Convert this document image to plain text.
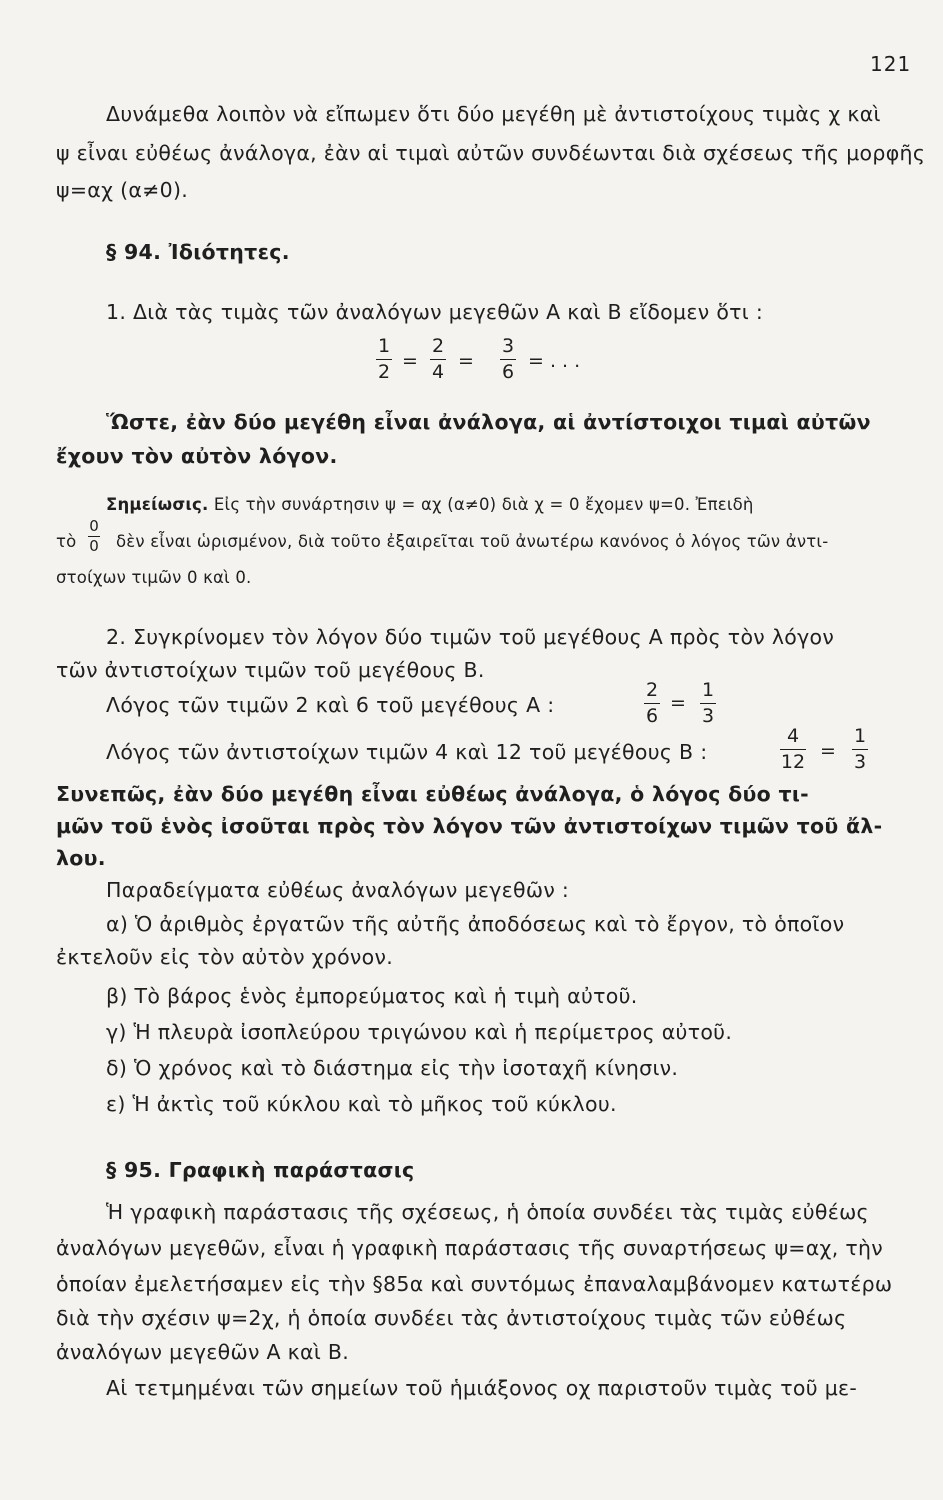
121
Δυνάμεθα λοιπὸν νὰ εἴπωμεν ὅτι δύο μεγέθη μὲ ἀντιστοίχους τιμὰς χ καὶ
ψ εἶναι εὐθέως ἀνάλογα, ἐὰν αἱ τιμαὶ αὐτῶν συνδέωνται διὰ σχέσεως τῆς μορφῆς
ψ=αχ (α≠0).
§ 94. Ἰδιότητες.
1. Διὰ τὰς τιμὰς τῶν ἀναλόγων μεγεθῶν Α καὶ Β εἴδομεν ὅτι :
1
2 =
2
4 =
3
6 = . . .
Ὥστε, ἐὰν δύο μεγέθη εἶναι ἀνάλογα, αἱ ἀντίστοιχοι τιμαὶ αὐτῶν
ἔχουν τὸν αὐτὸν λόγον.
Σημείωσις. Εἰς τὴν συνάρτησιν ψ = αχ (α≠0) διὰ χ = 0 ἔχομεν ψ=0. Ἐπειδὴ
τὸ
0
0 δὲν εἶναι ὡρισμένον, διὰ τοῦτο ἐξαιρεῖται τοῦ ἀνωτέρω κανόνος ὁ λόγος τῶν ἀντι-
στοίχων τιμῶν 0 καὶ 0.
2. Συγκρίνομεν τὸν λόγον δύο τιμῶν τοῦ μεγέθους Α πρὸς τὸν λόγον
τῶν ἀντιστοίχων τιμῶν τοῦ μεγέθους Β.
Λόγος τῶν τιμῶν 2 καὶ 6 τοῦ μεγέθους Α :
2
6
=
1
3
Λόγος τῶν ἀντιστοίχων τιμῶν 4 καὶ 12 τοῦ μεγέθους Β :
4
12 =
1
3
Συνεπῶς, ἐὰν δύο μεγέθη εἶναι εὐθέως ἀνάλογα, ὁ λόγος δύο τι-
μῶν τοῦ ἑνὸς ἰσοῦται πρὸς τὸν λόγον τῶν ἀντιστοίχων τιμῶν τοῦ ἄλ-
λου.
Παραδείγματα εὐθέως ἀναλόγων μεγεθῶν :
α) Ὁ ἀριθμὸς ἐργατῶν τῆς αὐτῆς ἀποδόσεως καὶ τὸ ἔργον, τὸ ὁποῖον
ἐκτελοῦν εἰς τὸν αὐτὸν χρόνον.
β) Τὸ βάρος ἑνὸς ἐμπορεύματος καὶ ἡ τιμὴ αὐτοῦ.
γ) Ἡ πλευρὰ ἰσοπλεύρου τριγώνου καὶ ἡ περίμετρος αὐτοῦ.
δ) Ὁ χρόνος καὶ τὸ διάστημα εἰς τὴν ἰσοταχῆ κίνησιν.
ε) Ἡ ἀκτὶς τοῦ κύκλου καὶ τὸ μῆκος τοῦ κύκλου.
§ 95. Γραφικὴ παράστασις
Ἡ γραφικὴ παράστασις τῆς σχέσεως, ἡ ὁποία συνδέει τὰς τιμὰς εὐθέως
ἀναλόγων μεγεθῶν, εἶναι ἡ γραφικὴ παράστασις τῆς συναρτήσεως ψ=αχ, τὴν
ὁποίαν ἐμελετήσαμεν εἰς τὴν §85α καὶ συντόμως ἐπαναλαμβάνομεν κατωτέρω
διὰ τὴν σχέσιν ψ=2χ, ἡ ὁποία συνδέει τὰς ἀντιστοίχους τιμὰς τῶν εὐθέως
ἀναλόγων μεγεθῶν Α καὶ Β.
Αἱ τετμημέναι τῶν σημείων τοῦ ἡμιάξονος οχ παριστοῦν τιμὰς τοῦ με-
